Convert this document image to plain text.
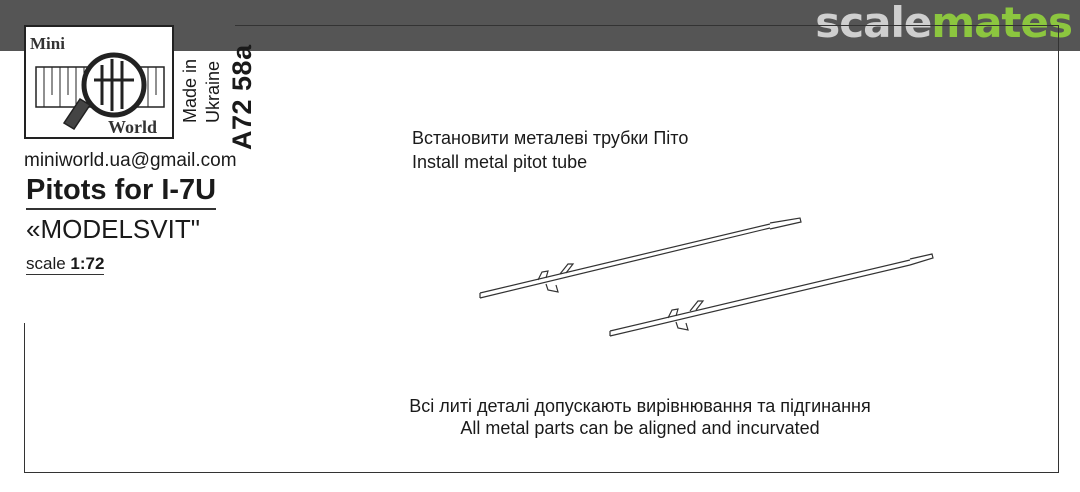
scalemates
Mini
World
Made in Ukraine A72 58a
miniworld.ua@gmail.com
Pitots for I-7U
«MODELSVIT"
scale 1:72
Встановити металеві трубки Піто
Install metal pitot tube
Всі литі деталі допускають вирівнювання та підгинання
All metal parts can be aligned and incurvated
